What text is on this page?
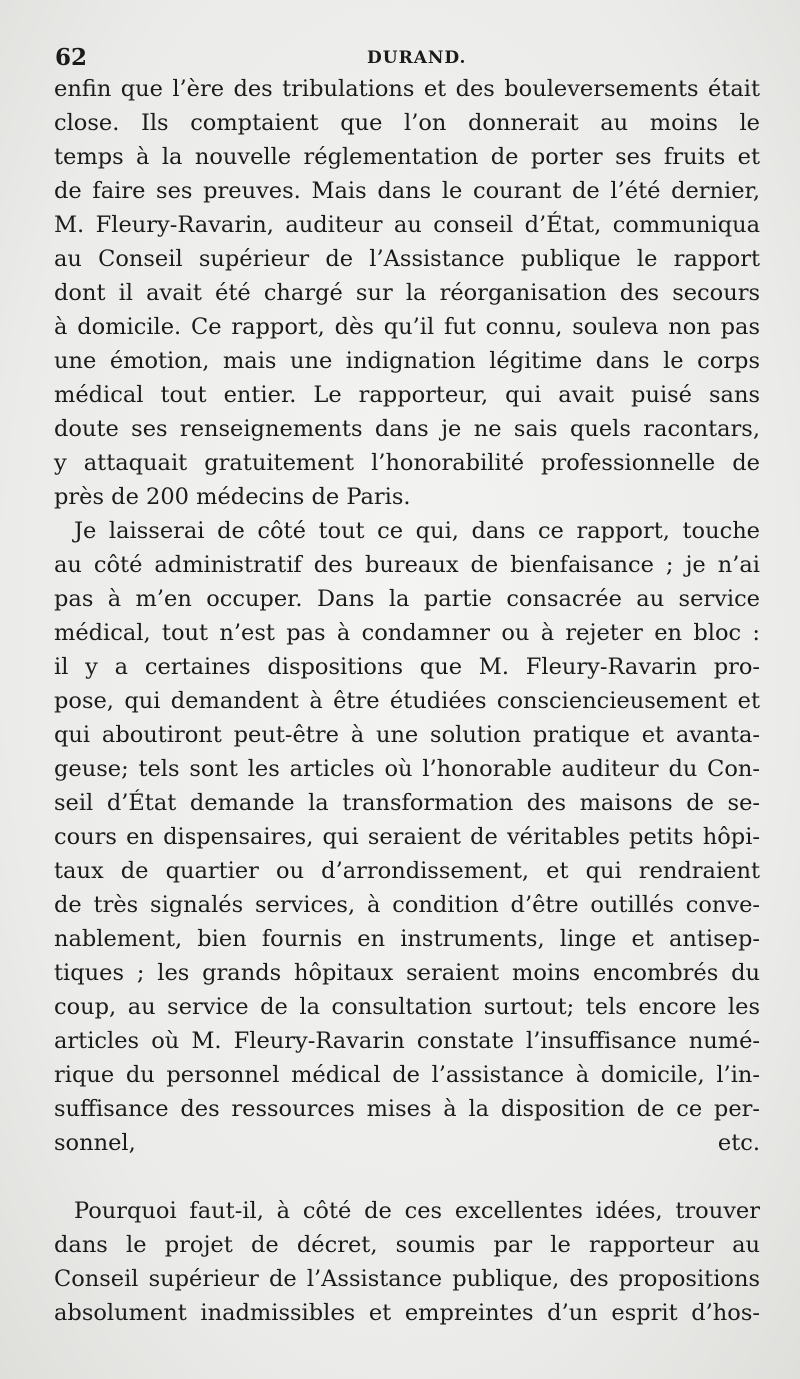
62	DURAND.
enfin que l’ère des tribulations et des bouleversements était
close. Ils comptaient que l’on donnerait au moins le
temps à la nouvelle réglementation de porter ses fruits et
de faire ses preuves. Mais dans le courant de l’été dernier,
M. Fleury-Ravarin, auditeur au conseil d’État, communiqua
au Conseil supérieur de l’Assistance publique le rapport
dont il avait été chargé sur la réorganisation des secours
à domicile. Ce rapport, dès qu’il fut connu, souleva non pas
une émotion, mais une indignation légitime dans le corps
médical tout entier. Le rapporteur, qui avait puisé sans
doute ses renseignements dans je ne sais quels racontars,
y attaquait gratuitement l’honorabilité professionnelle de
près de 200 médecins de Paris.
Je laisserai de côté tout ce qui, dans ce rapport, touche
au côté administratif des bureaux de bienfaisance ; je n’ai
pas à m’en occuper. Dans la partie consacrée au service
médical, tout n’est pas à condamner ou à rejeter en bloc :
il y a certaines dispositions que M. Fleury-Ravarin pro-
pose, qui demandent à être étudiées consciencieusement et
qui aboutiront peut-être à une solution pratique et avanta-
geuse; tels sont les articles où l’honorable auditeur du Con-
seil d’État demande la transformation des maisons de se-
cours en dispensaires, qui seraient de véritables petits hôpi-
taux de quartier ou d’arrondissement, et qui rendraient
de très signalés services, à condition d’être outillés conve-
nablement, bien fournis en instruments, linge et antisep-
tiques ; les grands hôpitaux seraient moins encombrés du
coup, au service de la consultation surtout; tels encore les
articles où M. Fleury-Ravarin constate l’insuffisance numé-
rique du personnel médical de l’assistance à domicile, l’in-
suffisance des ressources mises à la disposition de ce per-
sonnel, etc.
Pourquoi faut-il, à côté de ces excellentes idées, trouver
dans le projet de décret, soumis par le rapporteur au
Conseil supérieur de l’Assistance publique, des propositions
absolument inadmissibles et empreintes d’un esprit d’hos-
